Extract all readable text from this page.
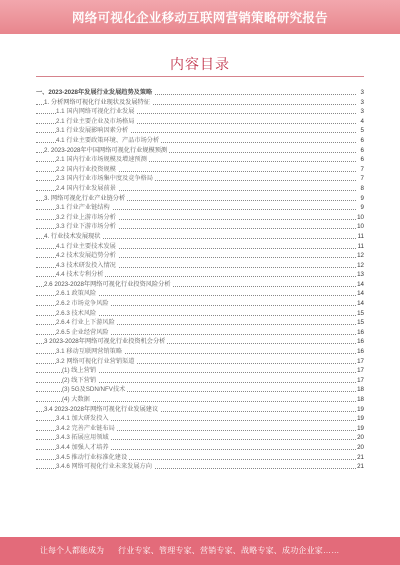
网络可视化企业移动互联网营销策略研究报告
内容目录
一、2023-2028年发展行业发展趋势及策略	3
1. 分析网络可视化行业现状及发展特征	3
1.1 国内网络可视化行业发展	3
2.1 行业主要企业及市场格局	4
3.1 行业发展影响因素分析	5
4.1 行业主要政策环境、产品市场分析	6
2. 2023-2028年中国网络可视化行业规模预测	6
2.1 国内行业市场规模及增速预测	6
2.2 国内行业投资规模	7
2.3 国内行业市场集中度及竞争格局	7
2.4 国内行业发展前景	8
3. 网络可视化行业产业链分析	9
3.1 行业产业链结构	9
3.2 行业上游市场分析	10
3.3 行业下游市场分析	10
4. 行业技术发展现状	11
4.1 行业主要技术发展	11
4.2 技术发展趋势分析	12
4.3 技术研发投入情况	12
4.4 技术专利分析	13
2.6 2023-2028年网络可视化行业投资风险分析	14
2.6.1 政策风险	14
2.6.2 市场竞争风险	14
2.6.3 技术风险	15
2.6.4 行业上下游风险	15
2.6.5 企业经营风险	16
3 2023-2028年网络可视化行业投资机会分析	16
3.1 移动互联网营销策略	16
3.2 网络可视化行业营销渠道	17
(1) 线上营销	17
(2) 线下营销	17
(3) 5G及SDN/NFV技术	18
(4) 大数据	18
3.4 2023-2028年网络可视化行业发展建议	19
3.4.1 加大研发投入	19
3.4.2 完善产业链布局	19
3.4.3 拓展应用领域	20
3.4.4 加强人才培养	20
3.4.5 推动行业标准化建设	21
3.4.6 网络可视化行业未来发展方向	21
让每个人都能成为 行业专家、管理专家、营销专家、战略专家、成功企业家……
